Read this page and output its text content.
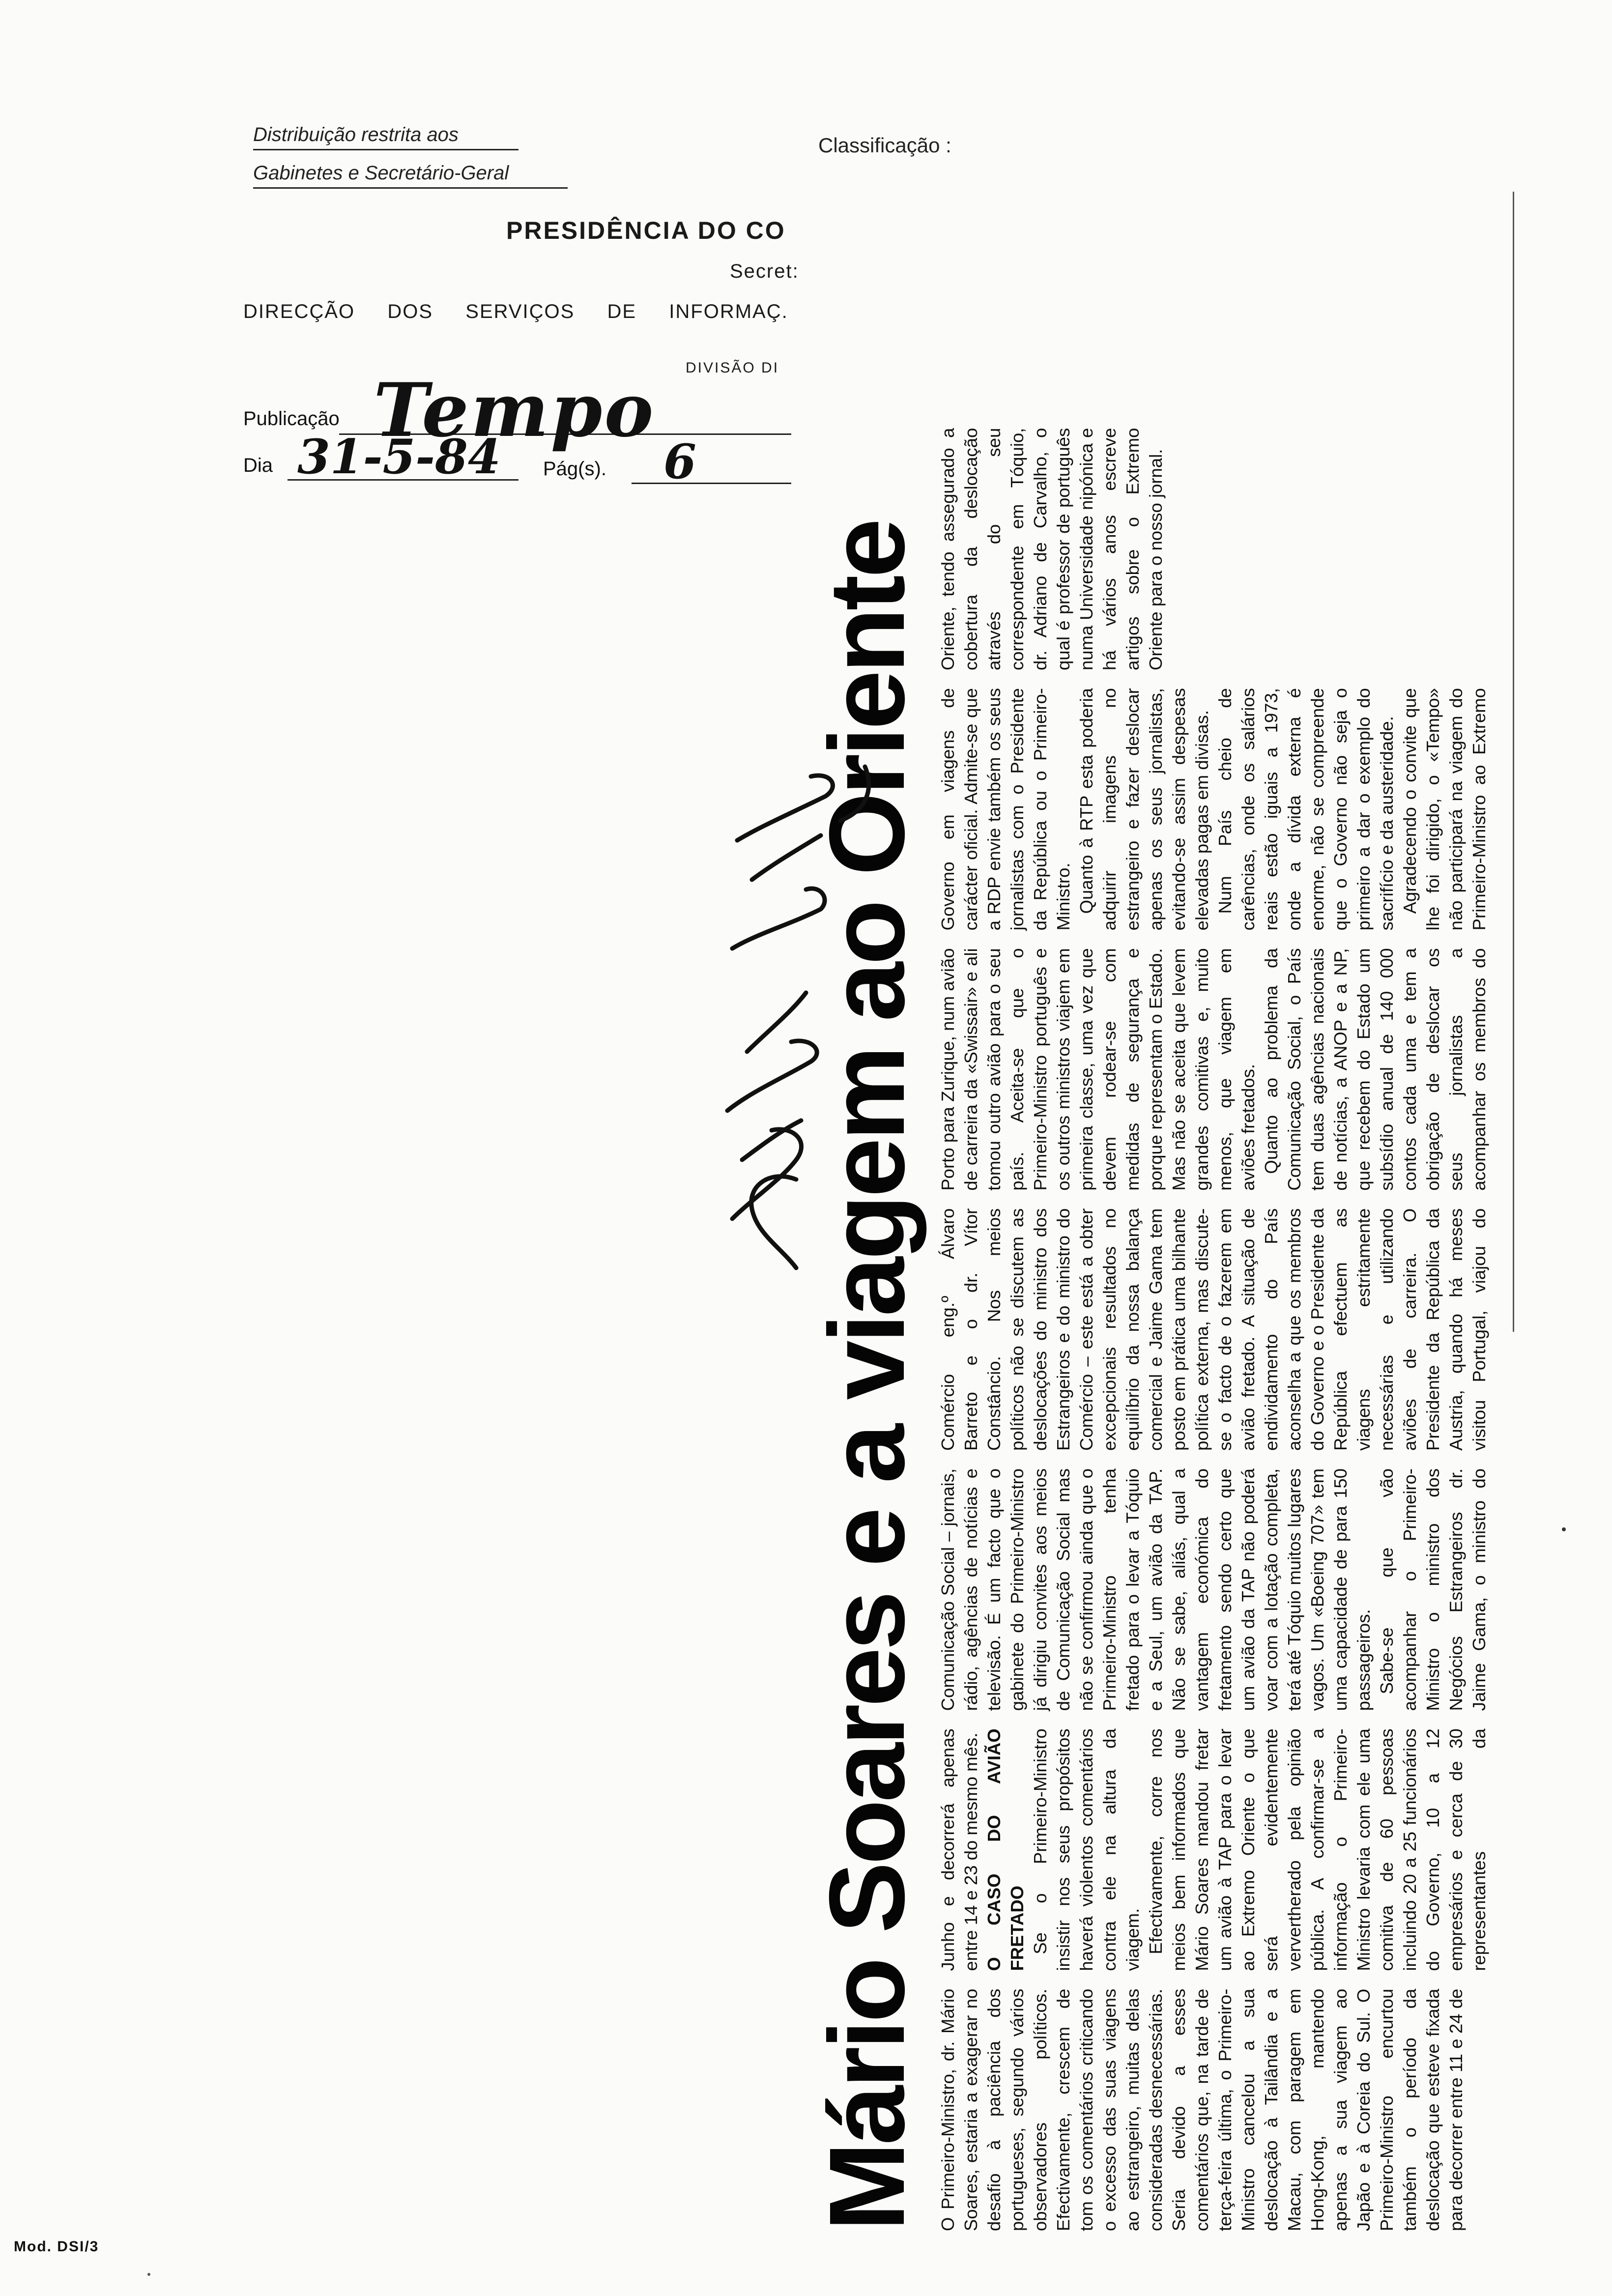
Distribuição restrita aos
Gabinetes e Secretário-Geral
Classificação :
PRESIDÊNCIA DO CO
Secret:
DIRECÇÃO  DOS  SERVIÇOS  DE  INFORMAÇ.
DIVISÃO DI
Publicação Tempo
Dia 31-5-84 Pág(s). 6
Mário Soares e a viagem ao Oriente O Primeiro-Ministro, dr. Mário Soares, estaria a exagerar no desafio à paciência dos portugueses, segundo vários observadores políticos. Efectivamente, crescem de tom os comentários criticando o excesso das suas viagens ao estrangeiro, muitas delas consideradas desnecessárias. Seria devido a esses comentários que, na tarde de terça-feira última, o Primeiro-Ministro cancelou a sua deslocação à Tailândia e a Macau, com paragem em Hong-Kong, mantendo apenas a sua viagem ao Japão e à Coreia do Sul. O Primeiro-Ministro encurtou também o período da deslocação que esteve fixada para decorrer entre 11 e 24 de Junho e decorrerá apenas entre 14 e 23 do mesmo mês. O CASO DO AVIÃO FRETADO Se o Primeiro-Ministro insistir nos seus propósitos haverá violentos comentários contra ele na altura da viagem. Efectivamente, corre nos meios bem informados que Mário Soares mandou fretar um avião à TAP para o levar ao Extremo Oriente o que será evidentemente ververtherado pela opinião pública. A confirmar-se a informação o Primeiro-Ministro levaria com ele uma comitiva de 60 pessoas incluindo 20 a 25 funcionários do Governo, 10 a 12 empresários e cerca de 30 representantes da Comunicação Social – jornais, rádio, agências de notícias e televisão. É um facto que o gabinete do Primeiro-Ministro já dirigiu convites aos meios de Comunicação Social mas não se confirmou ainda que o Primeiro-Ministro tenha fretado para o levar a Tóquio e a Seul, um avião da TAP. Não se sabe, aliás, qual a vantagem económica do fretamento sendo certo que um avião da TAP não poderá voar com a lotação completa, terá até Tóquio muitos lugares vagos. Um «Boeing 707» tem uma capacidade de para 150 passageiros. Sabe-se que vão acompanhar o Primeiro-Ministro o ministro dos Negócios Estrangeiros dr. Jaime Gama, o ministro do Comércio eng.º Álvaro Barreto e o dr. Vítor Constâncio. Nos meios políticos não se discutem as deslocações do ministro dos Estrangeiros e do ministro do Comércio – este está a obter excepcionais resultados no equilíbrio da nossa balança comercial e Jaime Gama tem posto em prática uma bilhante política externa, mas discute-se o facto de o fazerem em avião fretado. A situação de endividamento do País aconselha a que os membros do Governo e o Presidente da República efectuem as viagens estritamente necessárias e utilizando aviões de carreira. O Presidente da República da Austria, quando há meses visitou Portugal, viajou do Porto para Zurique, num avião de carreira da «Swissair» e ali tomou outro avião para o seu país. Aceita-se que o Primeiro-Ministro português e os outros ministros viajem em primeira classe, uma vez que devem rodear-se com medidas de segurança e porque representam o Estado. Mas não se aceita que levem grandes comitivas e, muito menos, que viagem em aviões fretados. Quanto ao problema da Comunicação Social, o País tem duas agências nacionais de notícias, a ANOP e a NP, que recebem do Estado um subsídio anual de 140 000 contos cada uma e tem a obrigação de deslocar os seus jornalistas a acompanhar os membros do Governo em viagens de carácter oficial. Admite-se que a RDP envie também os seus jornalistas com o Presidente da República ou o Primeiro-Ministro. Quanto à RTP esta poderia adquirir imagens no estrangeiro e fazer deslocar apenas os seus jornalistas, evitando-se assim despesas elevadas pagas em divisas. Num País cheio de carências, onde os salários reais estão iguais a 1973, onde a dívida externa é enorme, não se compreende que o Governo não seja o primeiro a dar o exemplo do sacrifício e da austeridade. Agradecendo o convite que lhe foi dirigido, o «Tempo» não participará na viagem do Primeiro-Ministro ao Extremo Oriente, tendo assegurado a cobertura da deslocação através do seu correspondente em Tóquio, dr. Adriano de Carvalho, o qual é professor de português numa Universidade nipónica e há vários anos escreve artigos sobre o Extremo Oriente para o nosso jornal.

Mod. DSI/3
